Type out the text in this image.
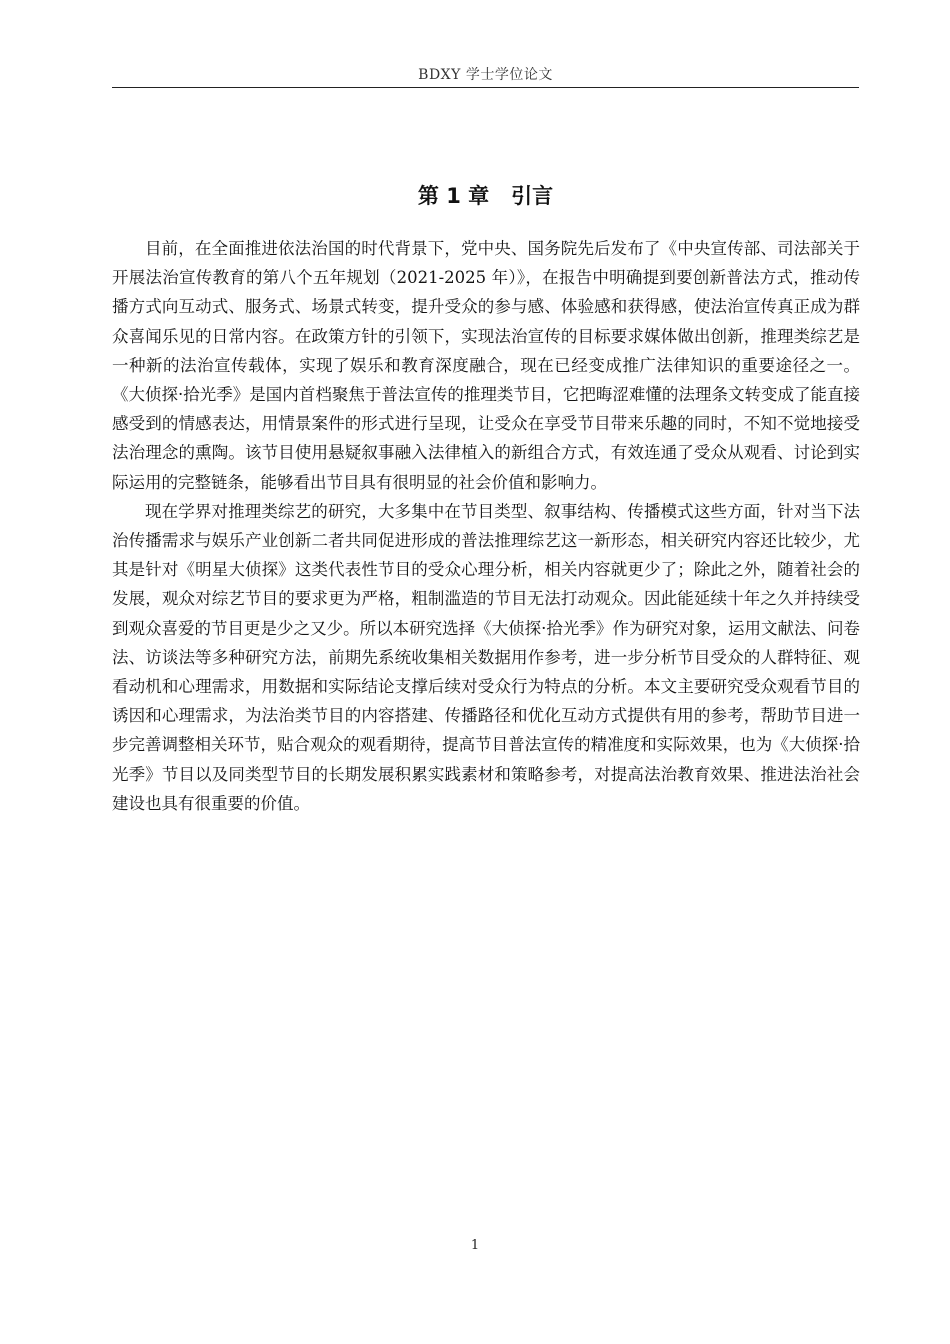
BDXY 学士学位论文
第 1 章   引言

目前，在全面推进依法治国的时代背景下，党中央、国务院先后发布了《中央宣传部、司法部关于开展法治宣传教育的第八个五年规划（2021-2025 年）》，在报告中明确提到要创新普法方式，推动传播方式向互动式、服务式、场景式转变，提升受众的参与感、体验感和获得感，使法治宣传真正成为群众喜闻乐见的日常内容。在政策方针的引领下，实现法治宣传的目标要求媒体做出创新，推理类综艺是一种新的法治宣传载体，实现了娱乐和教育深度融合，现在已经变成推广法律知识的重要途径之一。《大侦探·拾光季》是国内首档聚焦于普法宣传的推理类节目，它把晦涩难懂的法理条文转变成了能直接感受到的情感表达，用情景案件的形式进行呈现，让受众在享受节目带来乐趣的同时，不知不觉地接受法治理念的熏陶。该节目使用悬疑叙事融入法律植入的新组合方式，有效连通了受众从观看、讨论到实际运用的完整链条，能够看出节目具有很明显的社会价值和影响力。

现在学界对推理类综艺的研究，大多集中在节目类型、叙事结构、传播模式这些方面，针对当下法治传播需求与娱乐产业创新二者共同促进形成的普法推理综艺这一新形态，相关研究内容还比较少，尤其是针对《明星大侦探》这类代表性节目的受众心理分析，相关内容就更少了；除此之外，随着社会的发展，观众对综艺节目的要求更为严格，粗制滥造的节目无法打动观众。因此能延续十年之久并持续受到观众喜爱的节目更是少之又少。所以本研究选择《大侦探·拾光季》作为研究对象，运用文献法、问卷法、访谈法等多种研究方法，前期先系统收集相关数据用作参考，进一步分析节目受众的人群特征、观看动机和心理需求，用数据和实际结论支撑后续对受众行为特点的分析。本文主要研究受众观看节目的诱因和心理需求，为法治类节目的内容搭建、传播路径和优化互动方式提供有用的参考，帮助节目进一步完善调整相关环节，贴合观众的观看期待，提高节目普法宣传的精准度和实际效果，也为《大侦探·拾光季》节目以及同类型节目的长期发展积累实践素材和策略参考，对提高法治教育效果、推进法治社会建设也具有很重要的价值。

1
